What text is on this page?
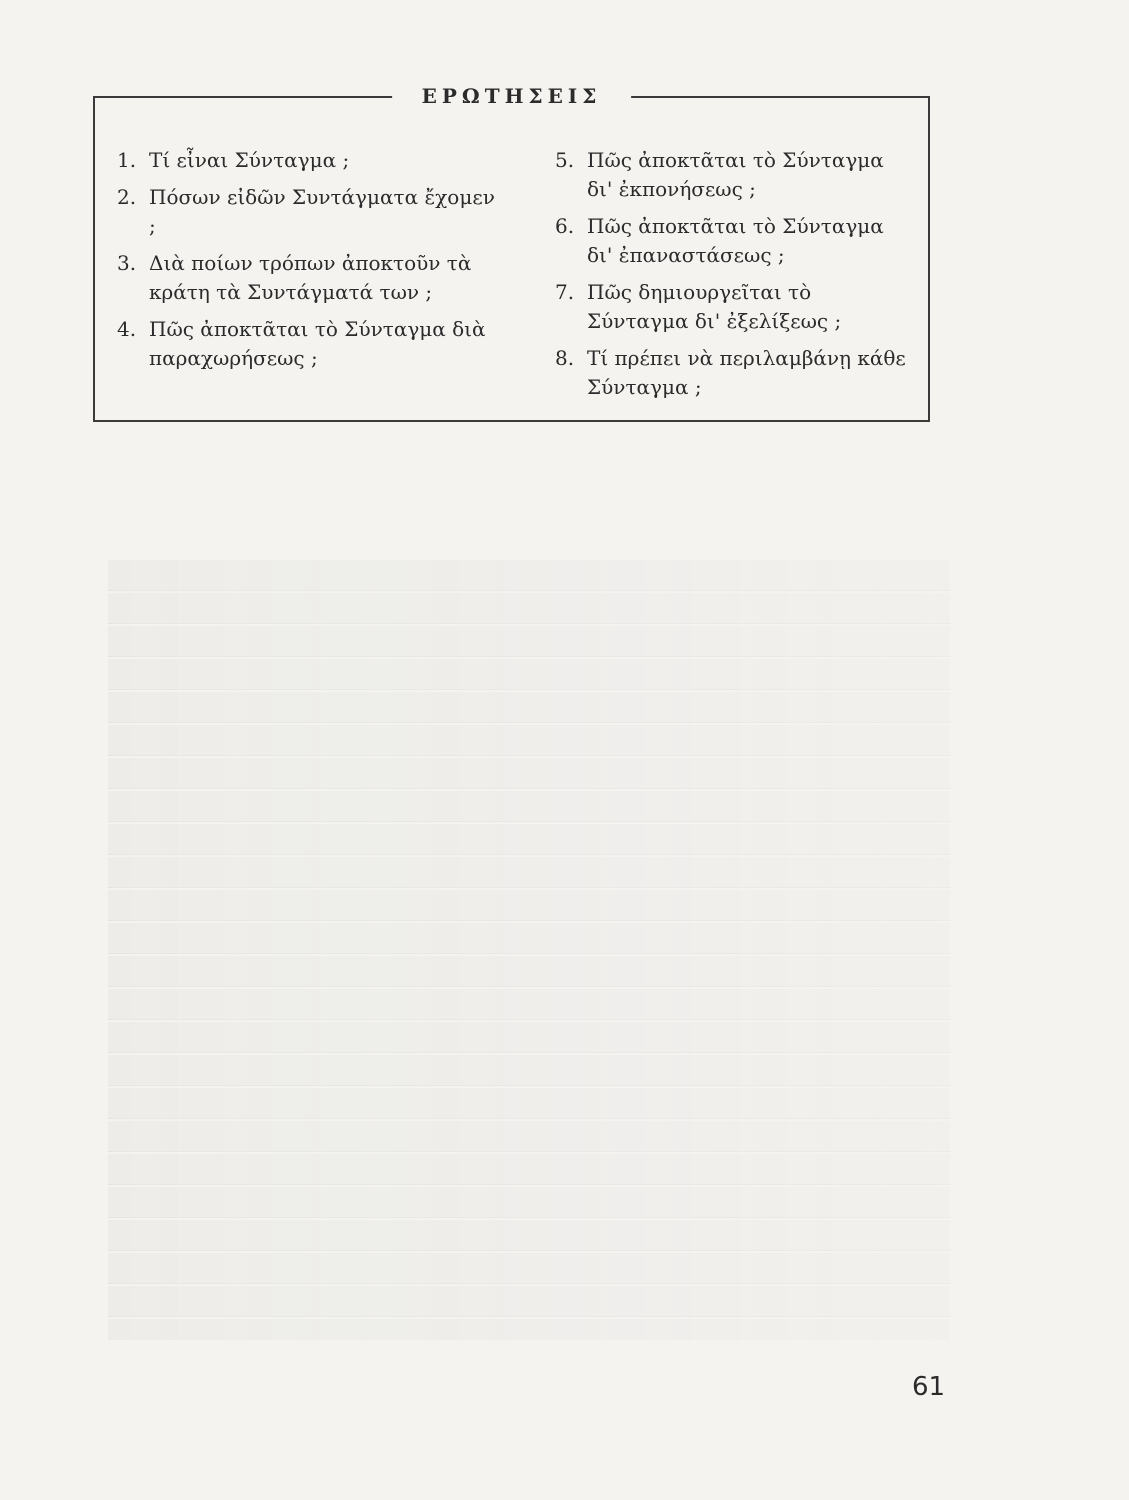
ΕΡΩΤΗΣΕΙΣ
1. Τί εἶναι Σύνταγμα ;
2. Πόσων εἰδῶν Συντάγματα ἔχομεν ;
3. Διὰ ποίων τρόπων ἀποκτοῦν τὰ κράτη τὰ Συντάγματά των ;
4. Πῶς ἀποκτᾶται τὸ Σύνταγμα διὰ παραχωρήσεως ;
5. Πῶς ἀποκτᾶται τὸ Σύνταγμα δι' ἐκπονήσεως ;
6. Πῶς ἀποκτᾶται τὸ Σύνταγμα δι' ἐπαναστάσεως ;
7. Πῶς δημιουργεῖται τὸ Σύνταγμα δι' ἐξελίξεως ;
8. Τί πρέπει νὰ περιλαμβάνῃ κάθε Σύνταγμα ;
61
